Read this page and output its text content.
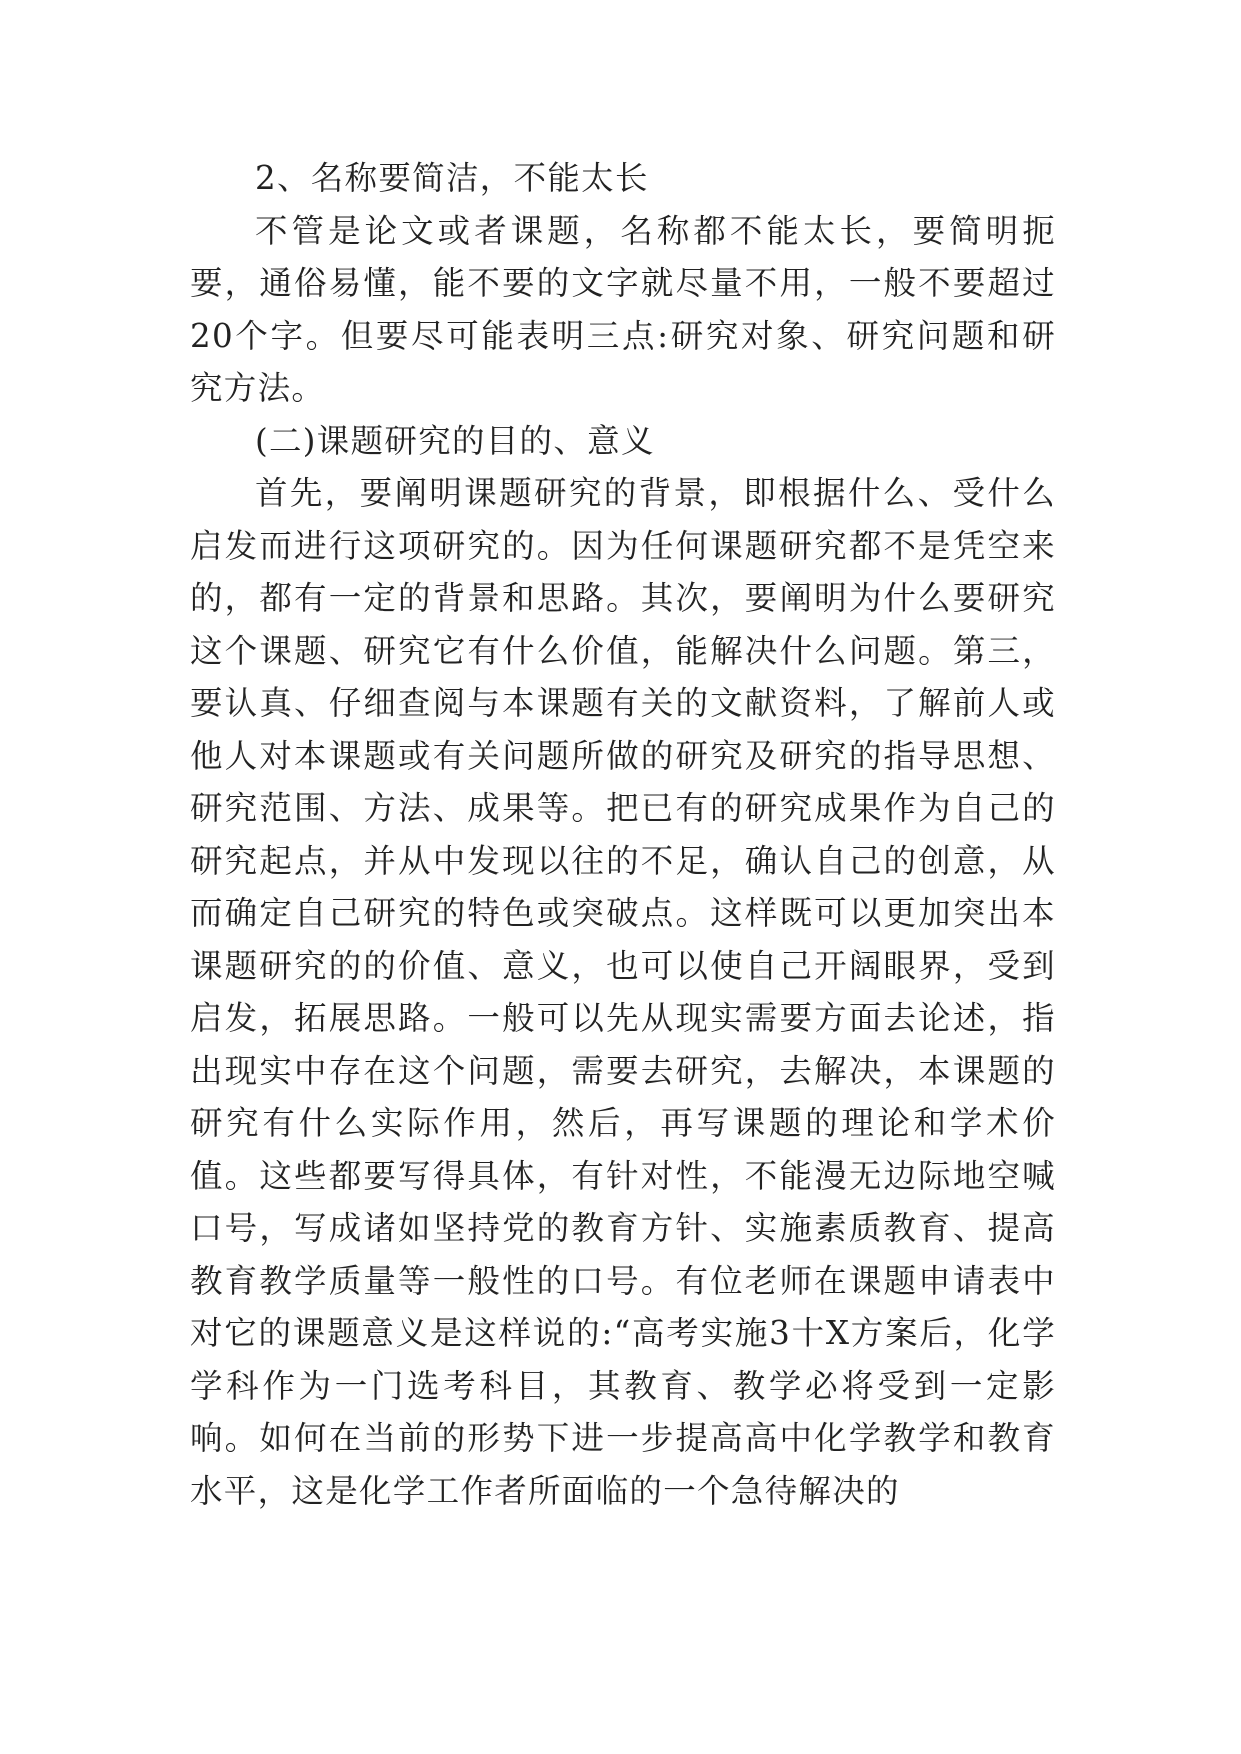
2、名称要简洁，不能太长

不管是论文或者课题，名称都不能太长，要简明扼要，通俗易懂，能不要的文字就尽量不用，一般不要超过20个字。但要尽可能表明三点:研究对象、研究问题和研究方法。

(二)课题研究的目的、意义

首先，要阐明课题研究的背景，即根据什么、受什么启发而进行这项研究的。因为任何课题研究都不是凭空来的，都有一定的背景和思路。其次，要阐明为什么要研究这个课题、研究它有什么价值，能解决什么问题。第三，要认真、仔细查阅与本课题有关的文献资料，了解前人或他人对本课题或有关问题所做的研究及研究的指导思想、研究范围、方法、成果等。把已有的研究成果作为自己的研究起点，并从中发现以往的不足，确认自己的创意，从而确定自己研究的特色或突破点。这样既可以更加突出本课题研究的的价值、意义，也可以使自己开阔眼界，受到启发，拓展思路。一般可以先从现实需要方面去论述，指出现实中存在这个问题，需要去研究，去解决，本课题的研究有什么实际作用，然后，再写课题的理论和学术价值。这些都要写得具体，有针对性，不能漫无边际地空喊口号，写成诸如坚持党的教育方针、实施素质教育、提高教育教学质量等一般性的口号。有位老师在课题申请表中对它的课题意义是这样说的:“高考实施3十X方案后，化学学科作为一门选考科目，其教育、教学必将受到一定影响。如何在当前的形势下进一步提高高中化学教学和教育水平，这是化学工作者所面临的一个急待解决的
